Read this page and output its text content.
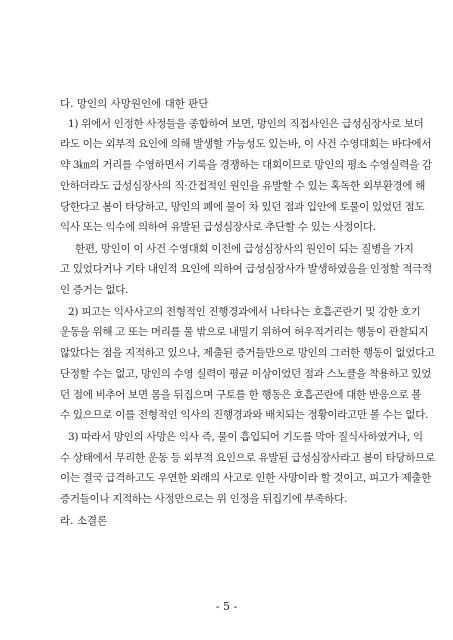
다. 망인의 사망원인에 대한 판단
1) 위에서 인정한 사정들을 종합하여 보면, 망인의 직접사인은 급성심장사로 보더
라도 이는 외부적 요인에 의해 발생할 가능성도 있는바, 이 사건 수영대회는 바다에서
약 3㎞의 거리를 수영하면서 기록을 경쟁하는 대회이므로 망인의 평소 수영실력을 감
안하더라도 급성심장사의 직·간접적인 원인을 유발할 수 있는 혹독한 외부환경에 해
당한다고 봄이 타당하고, 망인의 폐에 물이 차 있던 점과 입안에 토물이 있었던 점도
익사 또는 익수에 의하여 유발된 급성심장사로 추단할 수 있는 사정이다.
한편, 망인이 이 사건 수영대회 이전에 급성심장사의 원인이 되는 질병을 가지
고 있었다거나 기타 내인적 요인에 의하여 급성심장사가 발생하였음을 인정할 적극적
인 증거는 없다.
2) 피고는 익사사고의 전형적인 진행경과에서 나타나는 호흡곤란기 및 강한 호기
운동을 위해 고 또는 머리를 물 밖으로 내밀기 위하여 허우적거리는 행동이 관찰되지
않았다는 점을 지적하고 있으나, 제출된 증거들만으로 망인의 그러한 행동이 없었다고
단정할 수는 없고, 망인의 수영 실력이 평균 이상이었던 점과 스노클을 착용하고 있었
던 점에 비추어 보면 몸을 뒤집으며 구토를 한 행동은 호흡곤란에 대한 반응으로 볼
수 있으므로 이를 전형적인 익사의 진행경과와 배치되는 정황이라고만 볼 수는 없다.
3) 따라서 망인의 사망은 익사 즉, 물이 흡입되어 기도를 막아 질식사하였거나, 익
수 상태에서 무리한 운동 등 외부적 요인으로 유발된 급성심장사라고 봄이 타당하므로
이는 결국 급격하고도 우연한 외래의 사고로 인한 사망이라 할 것이고, 피고가 제출한
증거들이나 지적하는 사정만으로는 위 인정을 뒤집기에 부족하다.
라. 소결론
- 5 -
